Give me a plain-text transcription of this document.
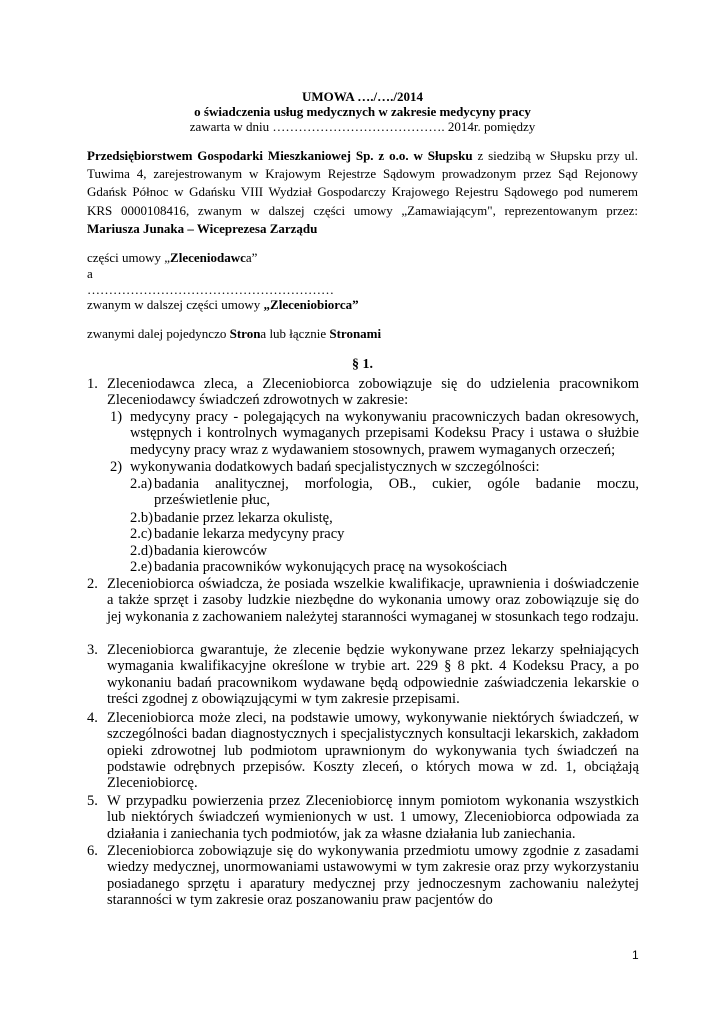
UMOWA …./…./2014
o świadczenia usług medycznych w zakresie medycyny pracy
zawarta w dniu …………………………………. 2014r. pomiędzy
Przedsiębiorstwem Gospodarki Mieszkaniowej Sp. z o.o. w Słupsku z siedzibą w Słupsku przy ul. Tuwima 4, zarejestrowanym w Krajowym Rejestrze Sądowym prowadzonym przez Sąd Rejonowy Gdańsk Północ w Gdańsku VIII Wydział Gospodarczy Krajowego Rejestru Sądowego pod numerem KRS 0000108416, zwanym w dalszej części umowy „Zamawiającym", reprezentowanym przez: Mariusza Junaka – Wiceprezesa Zarządu
części umowy „Zleceniodawca”
a
…………………………………………………
zwanym w dalszej części umowy „Zleceniobiorca”
zwanymi dalej pojedynczo Strona lub łącznie Stronami
§ 1.
1. Zleceniodawca zleca, a Zleceniobiorca zobowiązuje się do udzielenia pracownikom Zleceniodawcy świadczeń zdrowotnych w zakresie:
1) medycyny pracy - polegających na wykonywaniu pracowniczych badan okresowych, wstępnych i kontrolnych wymaganych przepisami Kodeksu Pracy i ustawa o służbie medycyny pracy wraz z wydawaniem stosownych, prawem wymaganych orzeczeń;
2) wykonywania dodatkowych badań specjalistycznych w szczególności:
2.a) badania analitycznej, morfologia, OB., cukier, ogóle badanie moczu, prześwietlenie płuc,
2.b) badanie przez lekarza okulistę,
2.c) badanie lekarza medycyny pracy
2.d) badania kierowców
2.e) badania pracowników wykonujących pracę na wysokościach
2. Zleceniobiorca oświadcza, że posiada wszelkie kwalifikacje, uprawnienia i doświadczenie a także sprzęt i zasoby ludzkie niezbędne do wykonania umowy oraz zobowiązuje się do jej wykonania z zachowaniem należytej staranności wymaganej w stosunkach tego rodzaju.
3. Zleceniobiorca gwarantuje, że zlecenie będzie wykonywane przez lekarzy spełniających wymagania kwalifikacyjne określone w trybie art. 229 § 8 pkt. 4 Kodeksu Pracy, a po wykonaniu badań pracownikom wydawane będą odpowiednie zaświadczenia lekarskie o treści zgodnej z obowiązującymi w tym zakresie przepisami.
4. Zleceniobiorca może zleci, na podstawie umowy, wykonywanie niektórych świadczeń, w szczególności badan diagnostycznych i specjalistycznych konsultacji lekarskich, zakładom opieki zdrowotnej lub podmiotom uprawnionym do wykonywania tych świadczeń na podstawie odrębnych przepisów. Koszty zleceń, o których mowa w zd. 1, obciążają Zleceniobiorcę.
5. W przypadku powierzenia przez Zleceniobiorcę innym pomiotom wykonania wszystkich lub niektórych świadczeń wymienionych w ust. 1 umowy, Zleceniobiorca odpowiada za działania i zaniechania tych podmiotów, jak za własne działania lub zaniechania.
6. Zleceniobiorca zobowiązuje się do wykonywania przedmiotu umowy zgodnie z zasadami wiedzy medycznej, unormowaniami ustawowymi w tym zakresie oraz przy wykorzystaniu posiadanego sprzętu i aparatury medycznej przy jednoczesnym zachowaniu należytej staranności w tym zakresie oraz poszanowaniu praw pacjentów do
1
